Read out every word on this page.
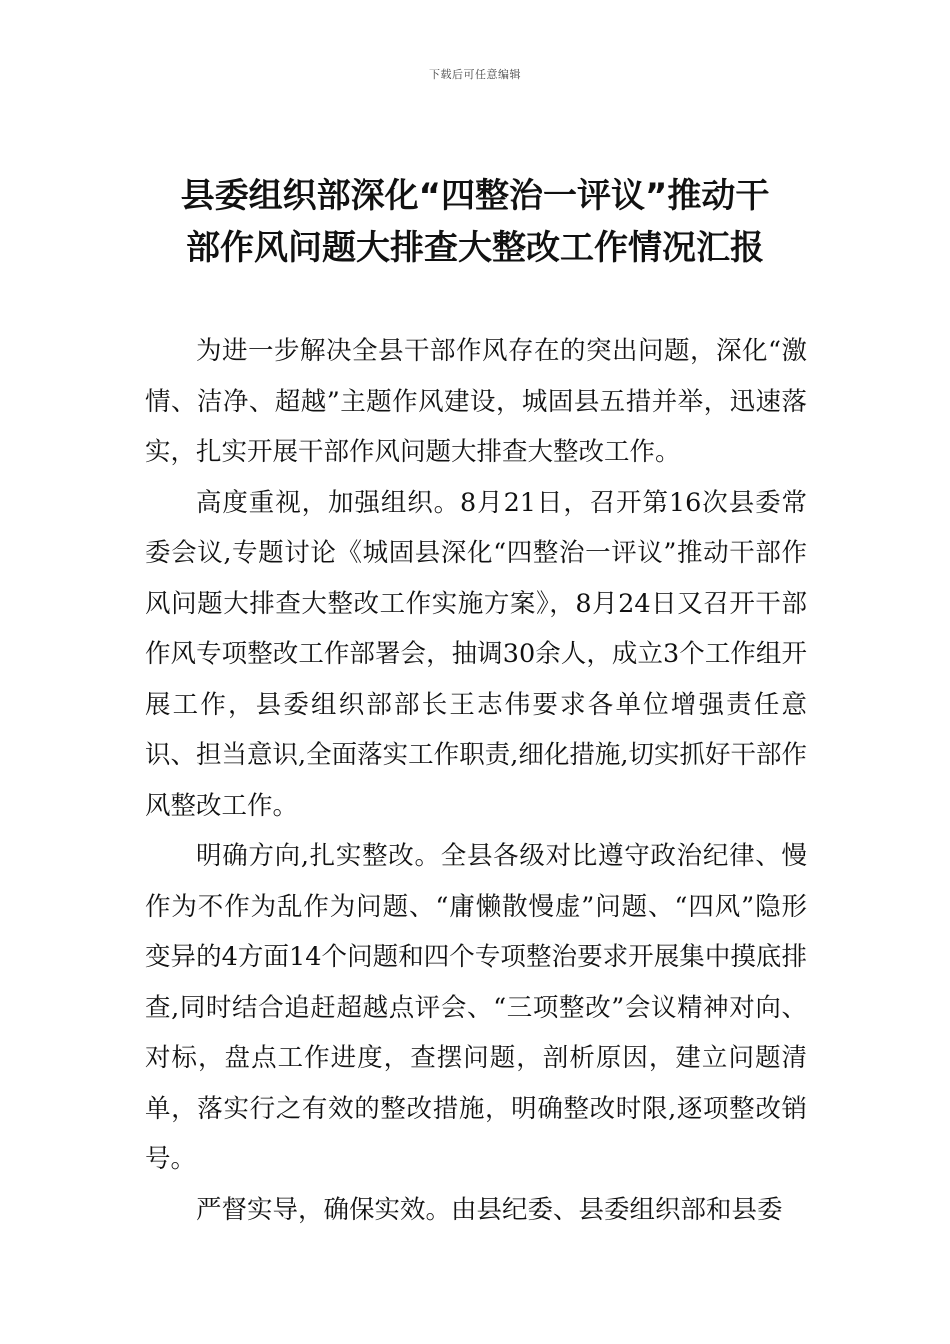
下载后可任意编辑
县委组织部深化“四整治一评议”推动干
部作风问题大排查大整改工作情况汇报

为进一步解决全县干部作风存在的突出问题，深化“激情、洁净、超越”主题作风建设，城固县五措并举，迅速落实，扎实开展干部作风问题大排查大整改工作。

高度重视，加强组织。8月21日，召开第16次县委常委会议,专题讨论《城固县深化“四整治一评议”推动干部作风问题大排查大整改工作实施方案》，8月24日又召开干部作风专项整改工作部署会，抽调30余人，成立3个工作组开展工作，县委组织部部长王志伟要求各单位增强责任意识、担当意识,全面落实工作职责,细化措施,切实抓好干部作风整改工作。

明确方向,扎实整改。全县各级对比遵守政治纪律、慢作为不作为乱作为问题、“庸懒散慢虚”问题、“四风”隐形变异的4方面14个问题和四个专项整治要求开展集中摸底排查,同时结合追赶超越点评会、“三项整改”会议精神对向、对标，盘点工作进度，查摆问题，剖析原因，建立问题清单，落实行之有效的整改措施，明确整改时限,逐项整改销号。

严督实导，确保实效。由县纪委、县委组织部和县委
